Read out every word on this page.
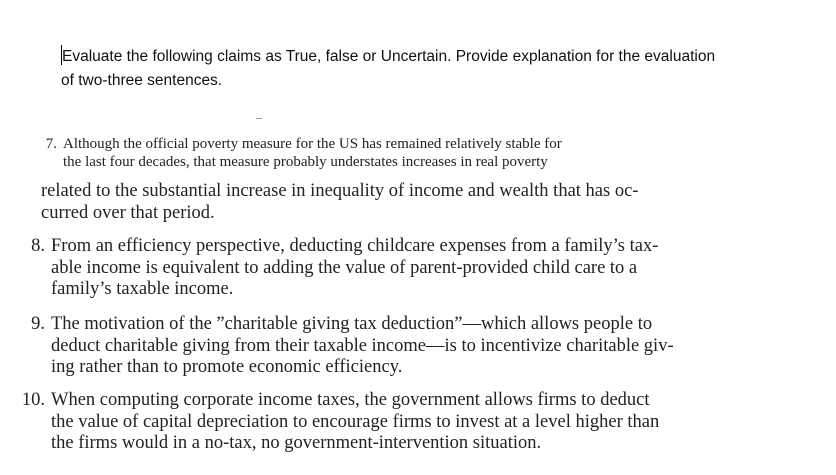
Evaluate the following claims as True, false or Uncertain. Provide explanation for the evaluation
of two-three sentences.
7. Although the official poverty measure for the US has remained relatively stable for
the last four decades, that measure probably understates increases in real poverty
related to the substantial increase in inequality of income and wealth that has oc-
curred over that period.
8. From an efficiency perspective, deducting childcare expenses from a family’s tax-
able income is equivalent to adding the value of parent-provided child care to a
family’s taxable income.
9. The motivation of the ”charitable giving tax deduction”—which allows people to
deduct charitable giving from their taxable income—is to incentivize charitable giv-
ing rather than to promote economic efficiency.
10. When computing corporate income taxes, the government allows firms to deduct
the value of capital depreciation to encourage firms to invest at a level higher than
the firms would in a no-tax, no government-intervention situation.
